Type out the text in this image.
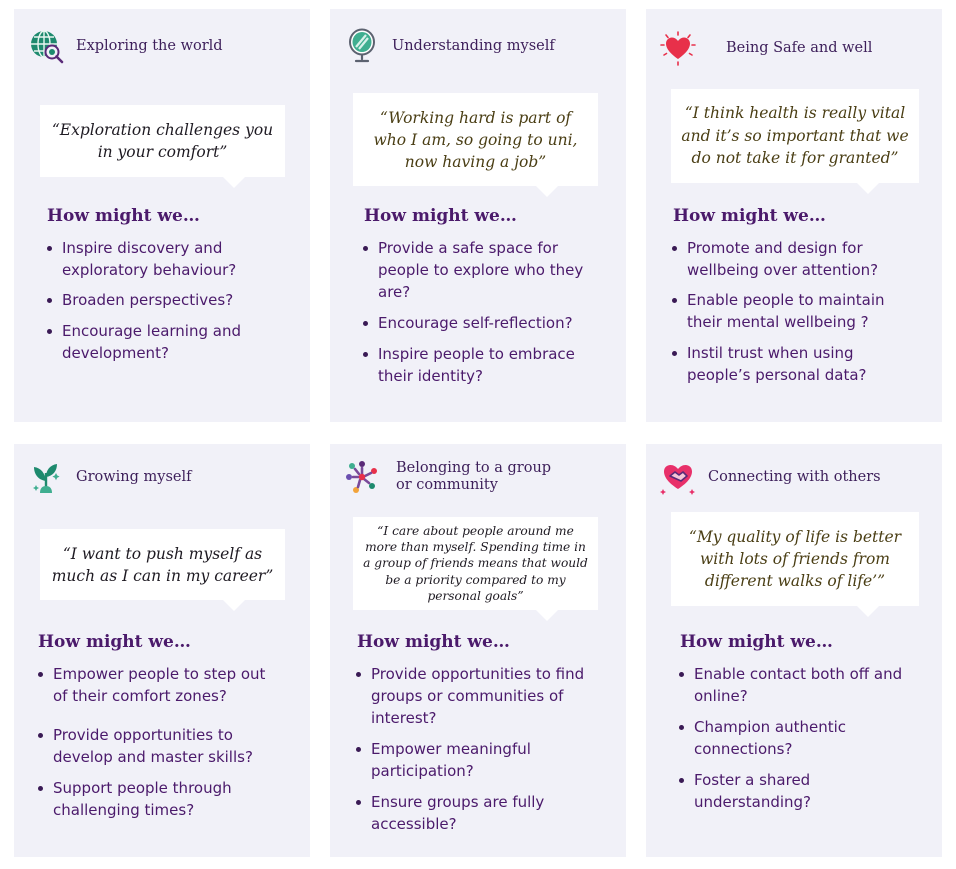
Exploring the world
“Exploration challenges you in your comfort”
How might we…
Inspire discovery and exploratory behaviour?
Broaden perspectives?
Encourage learning and development?
Understanding myself
“Working hard is part of who I am, so going to uni, now having a job”
How might we…
Provide a safe space for people to explore who they are?
Encourage self-reflection?
Inspire people to embrace their identity?
Being Safe and well
“I think health is really vital and it’s so important that we do not take it for granted”
How might we…
Promote and design for wellbeing over attention?
Enable people to maintain their mental wellbeing ?
Instil trust when using people’s personal data?
Growing myself
“I want to push myself as much as I can in my career”
How might we…
Empower people to step out of their comfort zones?
Provide opportunities to develop and master skills?
Support people through challenging times?
Belonging to a group or community
“I care about people around me more than myself. Spending time in a group of friends means that would be a priority compared to my personal goals”
How might we…
Provide opportunities to find groups or communities of interest?
Empower meaningful participation?
Ensure groups are fully accessible?
Connecting with others
“My quality of life is better with lots of friends from different walks of life’”
How might we…
Enable contact both off and online?
Champion authentic connections?
Foster a shared understanding?
